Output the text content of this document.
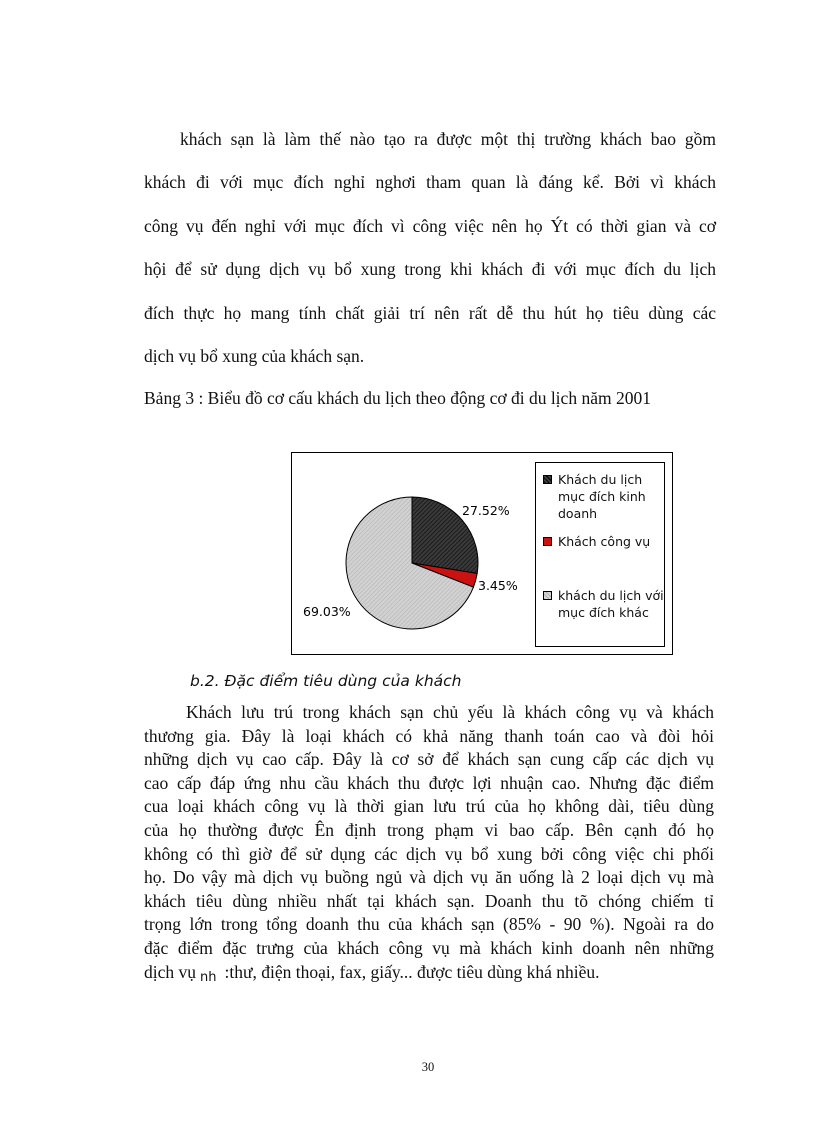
khách sạn là làm thế nào tạo ra được một thị trường khách bao gồm
khách đi với mục đích nghỉ nghơi tham quan là đáng kể. Bởi vì khách
công vụ đến nghỉ với mục đích vì công việc nên họ Ýt có thời gian và cơ
hội để sử dụng dịch vụ bổ xung trong khi khách đi với mục đích du lịch
đích thực họ mang tính chất giải trí nên rất dễ thu hút họ tiêu dùng các
dịch vụ bổ xung của khách sạn.

Bảng 3 : Biểu đồ cơ cấu khách du lịch theo động cơ đi du lịch năm 2001

27.52%
3.45%
69.03%
Khách du lịch mục đích kinh doanh
Khách công vụ
khách du lịch với mục đích khác

b.2. Đặc điểm tiêu dùng của khách

Khách lưu trú trong khách sạn chủ yếu là khách công vụ và khách
thương gia. Đây là loại khách có khả năng thanh toán cao và đòi hỏi
những dịch vụ cao cấp. Đây là cơ sở để khách sạn cung cấp các dịch vụ
cao cấp đáp ứng nhu cầu khách thu được lợi nhuận cao. Nhưng đặc điểm
cua loại khách công vụ là thời gian lưu trú của họ không dài, tiêu dùng
của họ thường được Ên định trong phạm vi bao cấp. Bên cạnh đó họ
không có thì giờ để sử dụng các dịch vụ bổ xung bởi công việc chi phối
họ. Do vậy mà dịch vụ buồng ngủ và dịch vụ ăn uống là 2 loại dịch vụ mà
khách tiêu dùng nhiều nhất tại khách sạn. Doanh thu tõ chóng chiếm tỉ
trọng lớn trong tổng doanh thu của khách sạn (85% - 90 %). Ngoài ra do
đặc điểm đặc trưng của khách công vụ mà khách kinh doanh nên những
dịch vụ nh :thư, điện thoại, fax, giấy... được tiêu dùng khá nhiều.
30
